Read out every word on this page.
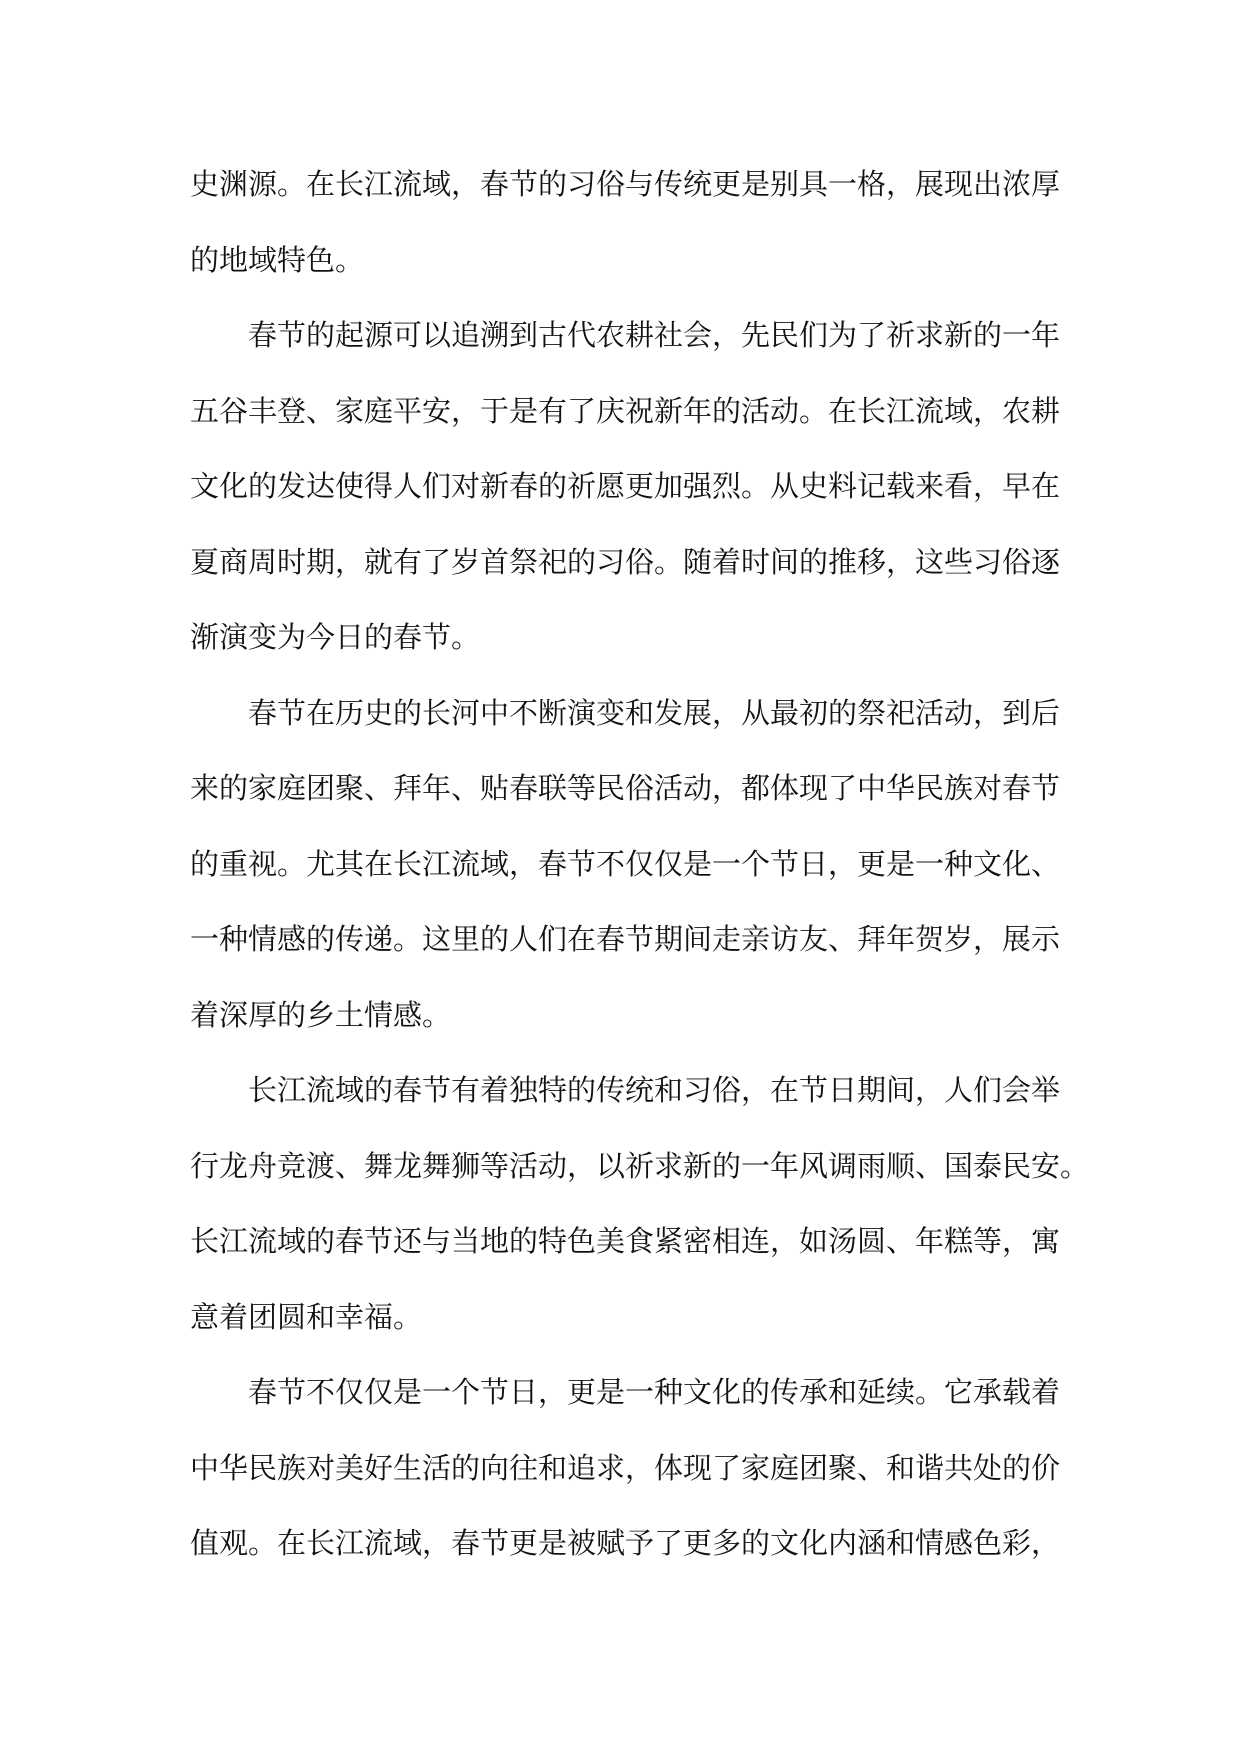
史渊源。在长江流域，春节的习俗与传统更是别具一格，展现出浓厚
的地域特色。
春节的起源可以追溯到古代农耕社会，先民们为了祈求新的一年
五谷丰登、家庭平安，于是有了庆祝新年的活动。在长江流域，农耕
文化的发达使得人们对新春的祈愿更加强烈。从史料记载来看，早在
夏商周时期，就有了岁首祭祀的习俗。随着时间的推移，这些习俗逐
渐演变为今日的春节。
春节在历史的长河中不断演变和发展，从最初的祭祀活动，到后
来的家庭团聚、拜年、贴春联等民俗活动，都体现了中华民族对春节
的重视。尤其在长江流域，春节不仅仅是一个节日，更是一种文化、
一种情感的传递。这里的人们在春节期间走亲访友、拜年贺岁，展示
着深厚的乡土情感。
长江流域的春节有着独特的传统和习俗，在节日期间，人们会举
行龙舟竞渡、舞龙舞狮等活动，以祈求新的一年风调雨顺、国泰民安。
长江流域的春节还与当地的特色美食紧密相连，如汤圆、年糕等，寓
意着团圆和幸福。
春节不仅仅是一个节日，更是一种文化的传承和延续。它承载着
中华民族对美好生活的向往和追求，体现了家庭团聚、和谐共处的价
值观。在长江流域，春节更是被赋予了更多的文化内涵和情感色彩，
